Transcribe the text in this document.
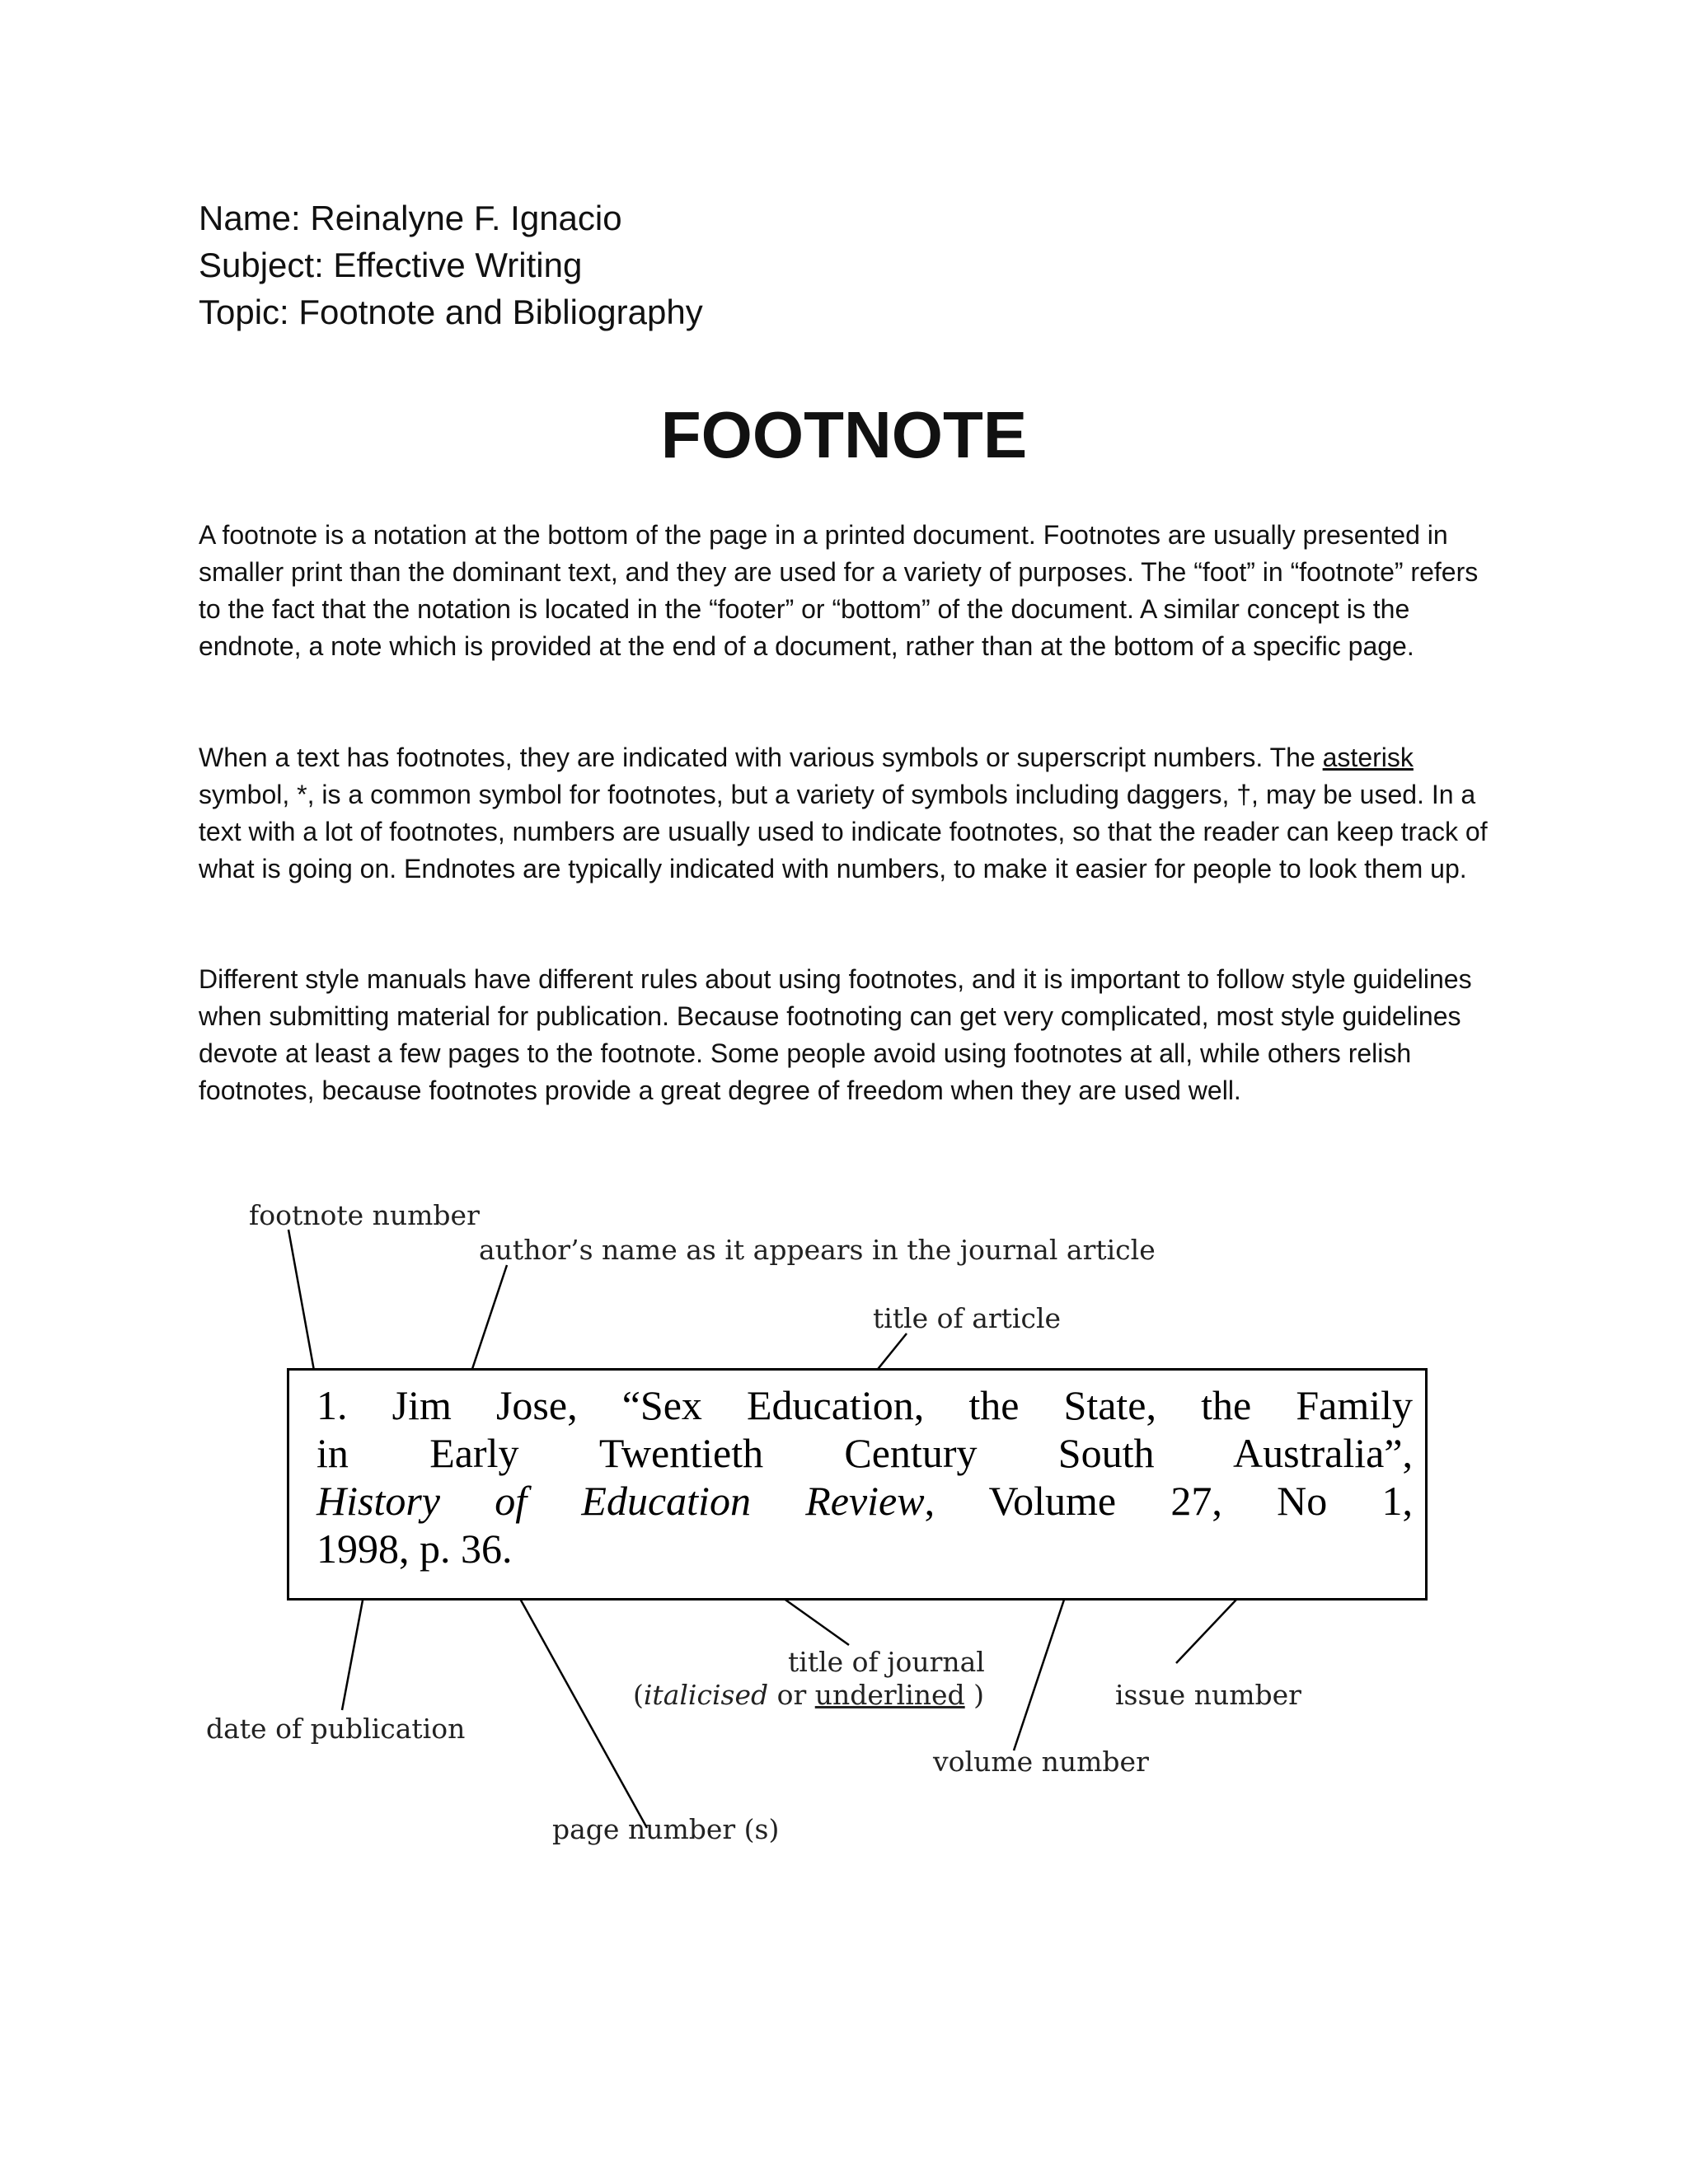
Name: Reinalyne F. Ignacio
Subject: Effective Writing
Topic: Footnote and Bibliography
FOOTNOTE

A footnote is a notation at the bottom of the page in a printed document. Footnotes are usually presented in smaller print than the dominant text, and they are used for a variety of purposes. The “foot” in “footnote” refers to the fact that the notation is located in the “footer” or “bottom” of the document. A similar concept is the endnote, a note which is provided at the end of a document, rather than at the bottom of a specific page.

When a text has footnotes, they are indicated with various symbols or superscript numbers. The asterisk symbol, *, is a common symbol for footnotes, but a variety of symbols including daggers, †, may be used. In a text with a lot of footnotes, numbers are usually used to indicate footnotes, so that the reader can keep track of what is going on. Endnotes are typically indicated with numbers, to make it easier for people to look them up.

Different style manuals have different rules about using footnotes, and it is important to follow style guidelines when submitting material for publication. Because footnoting can get very complicated, most style guidelines devote at least a few pages to the footnote. Some people avoid using footnotes at all, while others relish footnotes, because footnotes provide a great degree of freedom when they are used well.

footnote number
author’s name as it appears in the journal article
title of article
1. Jim Jose, “Sex Education, the State, the Family
in Early Twentieth Century South Australia”,
History of Education Review, Volume 27, No 1,
1998, p. 36.
title of journal
(italicised or underlined )	issue number
date of publication
volume number
page number (s)
